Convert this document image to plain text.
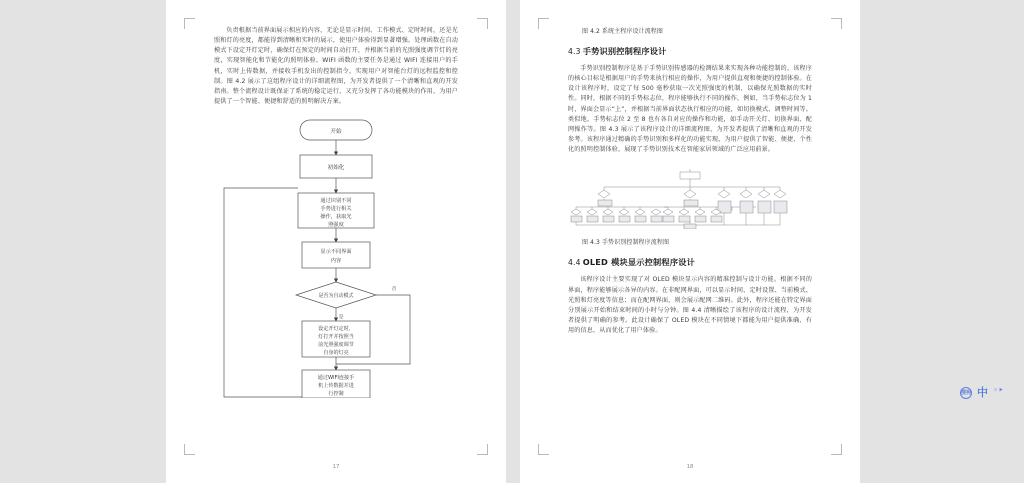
负责根据当前界面展示相应的内容，无论是显示时间、工作模式、定时时间，还是光照和灯的亮度，都能得到清晰和实时的展示，使用户体验得到显著增强。处理函数在自动模式下设定开灯定时，确保灯在预定的时间自动打开，并根据当前的光照强度调节灯的亮度，实现智能化和节能化的照明体验。WIFI 函数的主要任务是通过 WIFI 连接用户的手机，实时上传数据，并接收手机发出的控制指令，实现用户对智能台灯的远程监控和控制。图 4.2 展示了这组程序设计的详细流程图，为开发者提供了一个清晰和直观的开发指南。整个流程设计既保证了系统的稳定运行，又充分发挥了各功能模块的作用，为用户提供了一个智能、便捷和舒适的照明解决方案。

开始
初始化
通过识别不同
手势进行相关
操作，获取光
照强度
显示不同界面
内容
是否为自动模式
否
是
设定开灯定时，
灯打开并按照当
前光照强度调节
自身的灯亮
通过WIFI连接手
机上传数据并进
行控制
17

图 4.2 系统主程序设计流程图

4.3 手势识别控制程序设计

手势识别控制程序是基于手势识别传感器的检测结果来实现各种功能控制的，该程序的核心目标是根据用户的手势来执行相应的操作，为用户提供直观和便捷的控制体验。在设计该程序时，设定了每 500 毫秒获取一次光照强度的机制，以确保光照数据的实时性。同时，根据不同的手势标志位，程序能够执行不同的操作，例如，当手势标志位为 1 时，界面会显示“上”，并根据当前界面状态执行相应的功能，如切换模式、调整时间等。类似地，手势标志位 2 至 8 也有各自对应的操作和功能，如手动开关灯、切换界面、配网操作等。图 4.3 展示了该程序设计的详细流程图，为开发者提供了清晰和直观的开发参考。该程序通过精确的手势识别和多样化的功能实现，为用户提供了智能、便捷、个性化的照明控制体验，展现了手势识别技术在智能家居领域的广泛应用前景。

图 4.3 手势识别控制程序流程图

4.4 OLED 模块显示控制程序设计

该程序设计主要实现了对 OLED 模块显示内容的精准控制与设计功能。根据不同的界面，程序能够展示各异的内容。在非配网界面，可以显示时间、定时设置、当前模式、光照和灯亮度等信息；而在配网界面，则会展示配网二维码。此外，程序还能在特定界面分别展示开始和结束时间的小时与分钟。图 4.4 清晰描绘了该程序的设计流程，为开发者提供了明确的参考。此设计确保了 OLED 模块在不同情境下都能为用户提供准确、有用的信息，从而优化了用户体验。

18
搜狗 中 ◦‣
